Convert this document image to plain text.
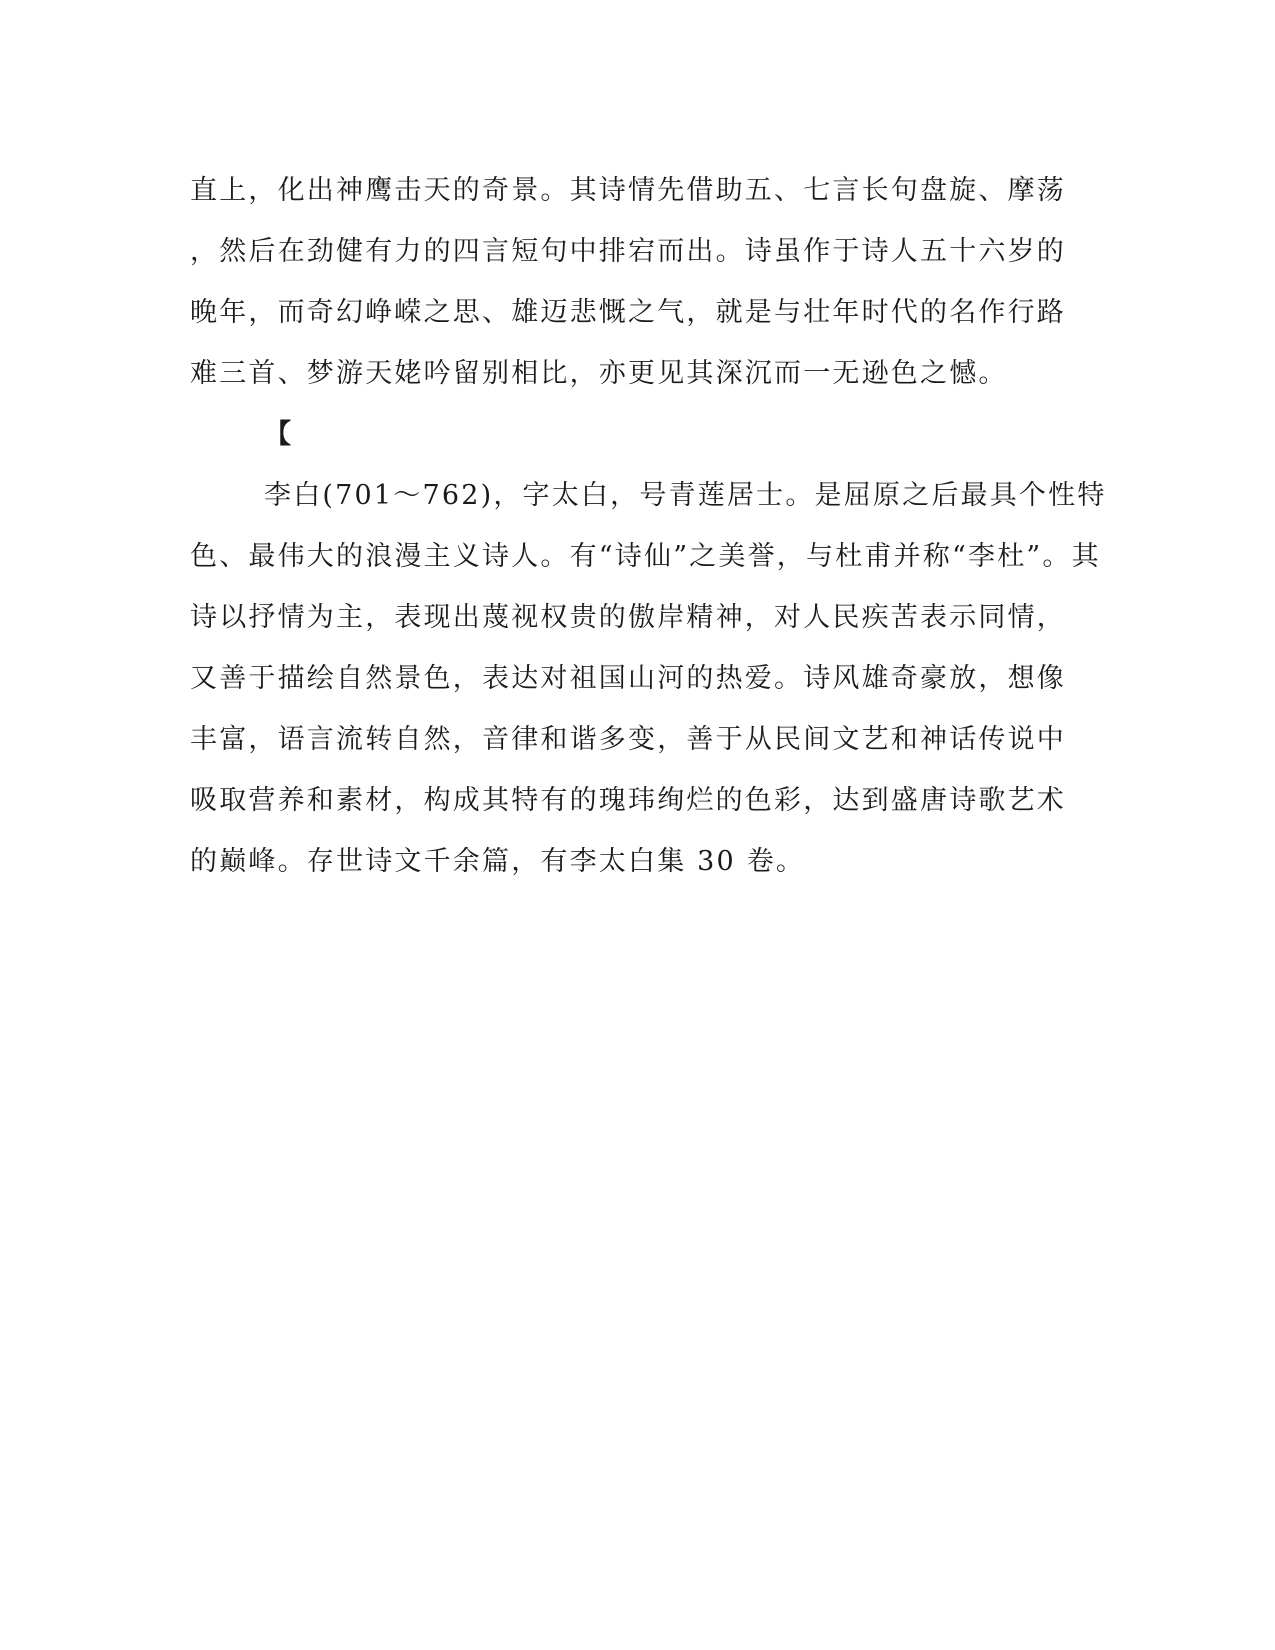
直上，化出神鹰击天的奇景。其诗情先借助五、七言长句盘旋、摩荡
，然后在劲健有力的四言短句中排宕而出。诗虽作于诗人五十六岁的
晚年，而奇幻峥嵘之思、雄迈悲慨之气，就是与壮年时代的名作行路
难三首、梦游天姥吟留别相比，亦更见其深沉而一无逊色之憾。
【
李白(701～762)，字太白，号青莲居士。是屈原之后最具个性特
色、最伟大的浪漫主义诗人。有“诗仙”之美誉，与杜甫并称“李杜”。其
诗以抒情为主，表现出蔑视权贵的傲岸精神，对人民疾苦表示同情，
又善于描绘自然景色，表达对祖国山河的热爱。诗风雄奇豪放，想像
丰富，语言流转自然，音律和谐多变，善于从民间文艺和神话传说中
吸取营养和素材，构成其特有的瑰玮绚烂的色彩，达到盛唐诗歌艺术
的巅峰。存世诗文千余篇，有李太白集 30 卷。
